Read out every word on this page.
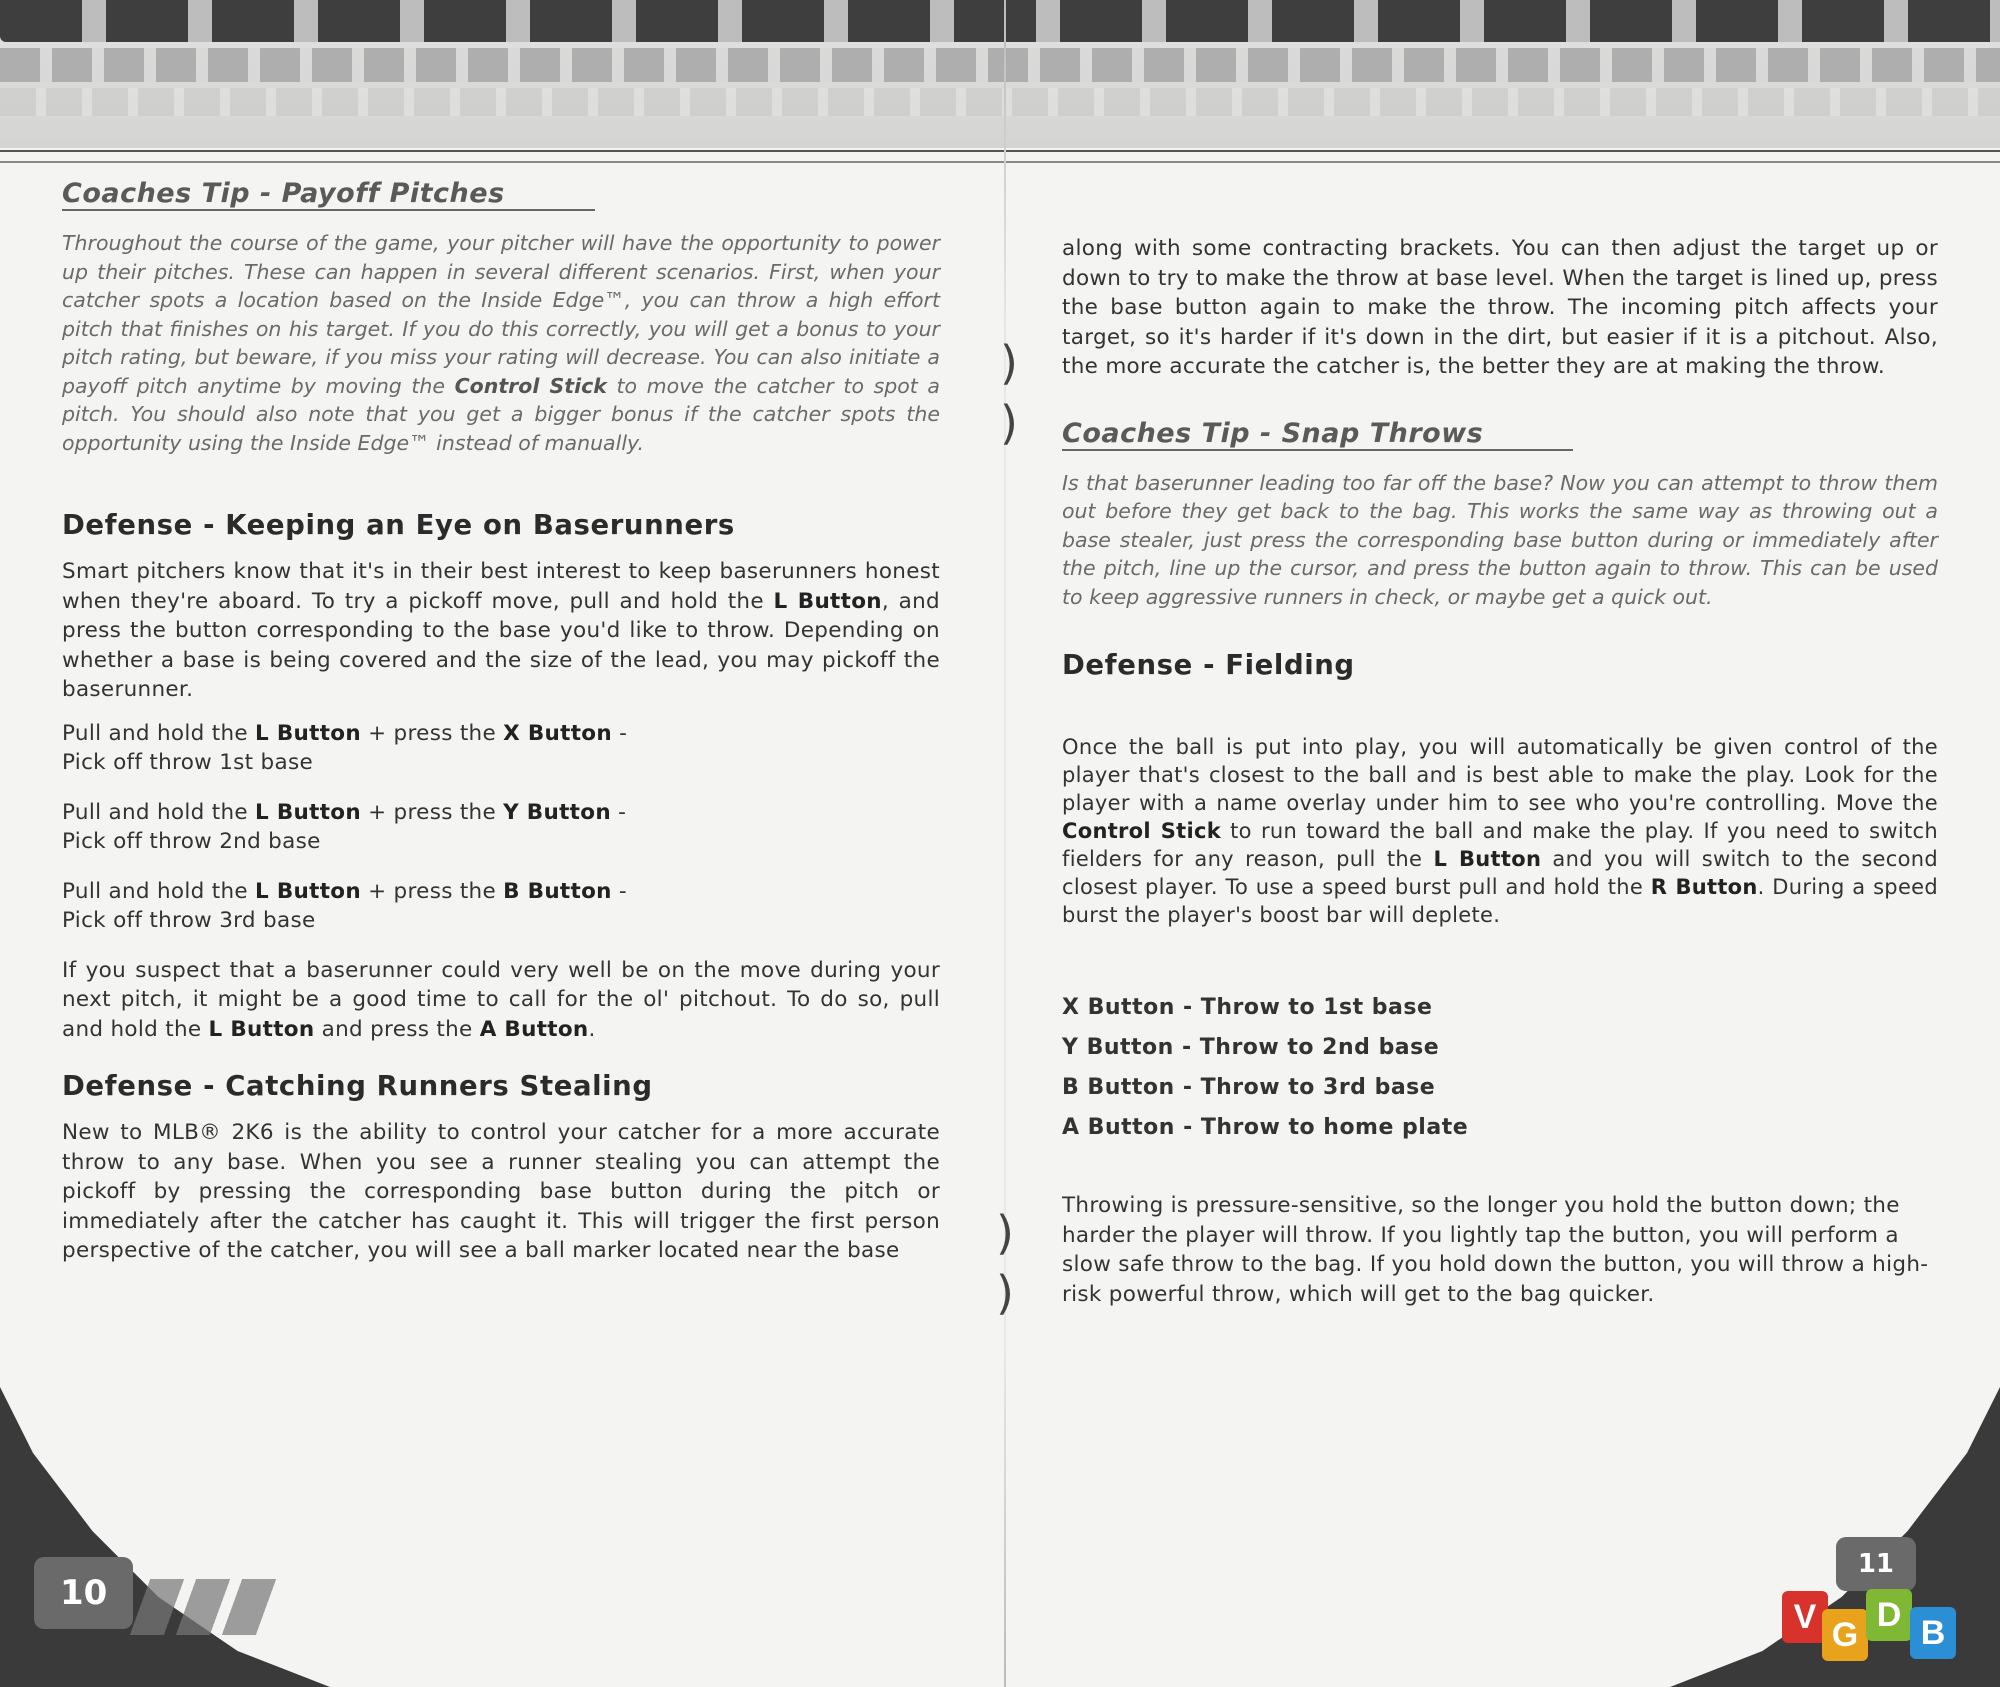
)
)
)
)
Coaches Tip - Payoff Pitches

Throughout the course of the game, your pitcher will have the opportunity to power up their pitches. These can happen in several different scenarios. First, when your catcher spots a location based on the Inside Edge™, you can throw a high effort pitch that finishes on his target. If you do this correctly, you will get a bonus to your pitch rating, but beware, if you miss your rating will decrease. You can also initiate a payoff pitch anytime by moving the Control Stick to move the catcher to spot a pitch. You should also note that you get a bigger bonus if the catcher spots the opportunity using the Inside Edge™ instead of manually.

Defense - Keeping an Eye on Baserunners

Smart pitchers know that it's in their best interest to keep baserunners honest when they're aboard. To try a pickoff move, pull and hold the L Button, and press the button corresponding to the base you'd like to throw. Depending on whether a base is being covered and the size of the lead, you may pickoff the baserunner.

Pull and hold the L Button + press the X Button -
Pick off throw 1st base
Pull and hold the L Button + press the Y Button -
Pick off throw 2nd base
Pull and hold the L Button + press the B Button -
Pick off throw 3rd base

If you suspect that a baserunner could very well be on the move during your next pitch, it might be a good time to call for the ol' pitchout. To do so, pull and hold the L Button and press the A Button.

Defense - Catching Runners Stealing

New to MLB® 2K6 is the ability to control your catcher for a more accurate throw to any base. When you see a runner stealing you can attempt the pickoff by pressing the corresponding base button during the pitch or immediately after the catcher has caught it. This will trigger the first person perspective of the catcher, you will see a ball marker located near the base

along with some contracting brackets. You can then adjust the target up or down to try to make the throw at base level. When the target is lined up, press the base button again to make the throw. The incoming pitch affects your target, so it's harder if it's down in the dirt, but easier if it is a pitchout. Also, the more accurate the catcher is, the better they are at making the throw.

Coaches Tip - Snap Throws

Is that baserunner leading too far off the base? Now you can attempt to throw them out before they get back to the bag. This works the same way as throwing out a base stealer, just press the corresponding base button during or immediately after the pitch, line up the cursor, and press the button again to throw. This can be used to keep aggressive runners in check, or maybe get a quick out.

Defense - Fielding

Once the ball is put into play, you will automatically be given control of the player that's closest to the ball and is best able to make the play. Look for the player with a name overlay under him to see who you're controlling. Move the Control Stick to run toward the ball and make the play. If you need to switch fielders for any reason, pull the L Button and you will switch to the second closest player. To use a speed burst pull and hold the R Button. During a speed burst the player's boost bar will deplete.

X Button - Throw to 1st base
Y Button - Throw to 2nd base
B Button - Throw to 3rd base
A Button - Throw to home plate

Throwing is pressure-sensitive, so the longer you hold the button down; the harder the player will throw. If you lightly tap the button, you will perform a slow safe throw to the bag. If you hold down the button, you will throw a high-risk powerful throw, which will get to the bag quicker.

10
11
V G
D B
